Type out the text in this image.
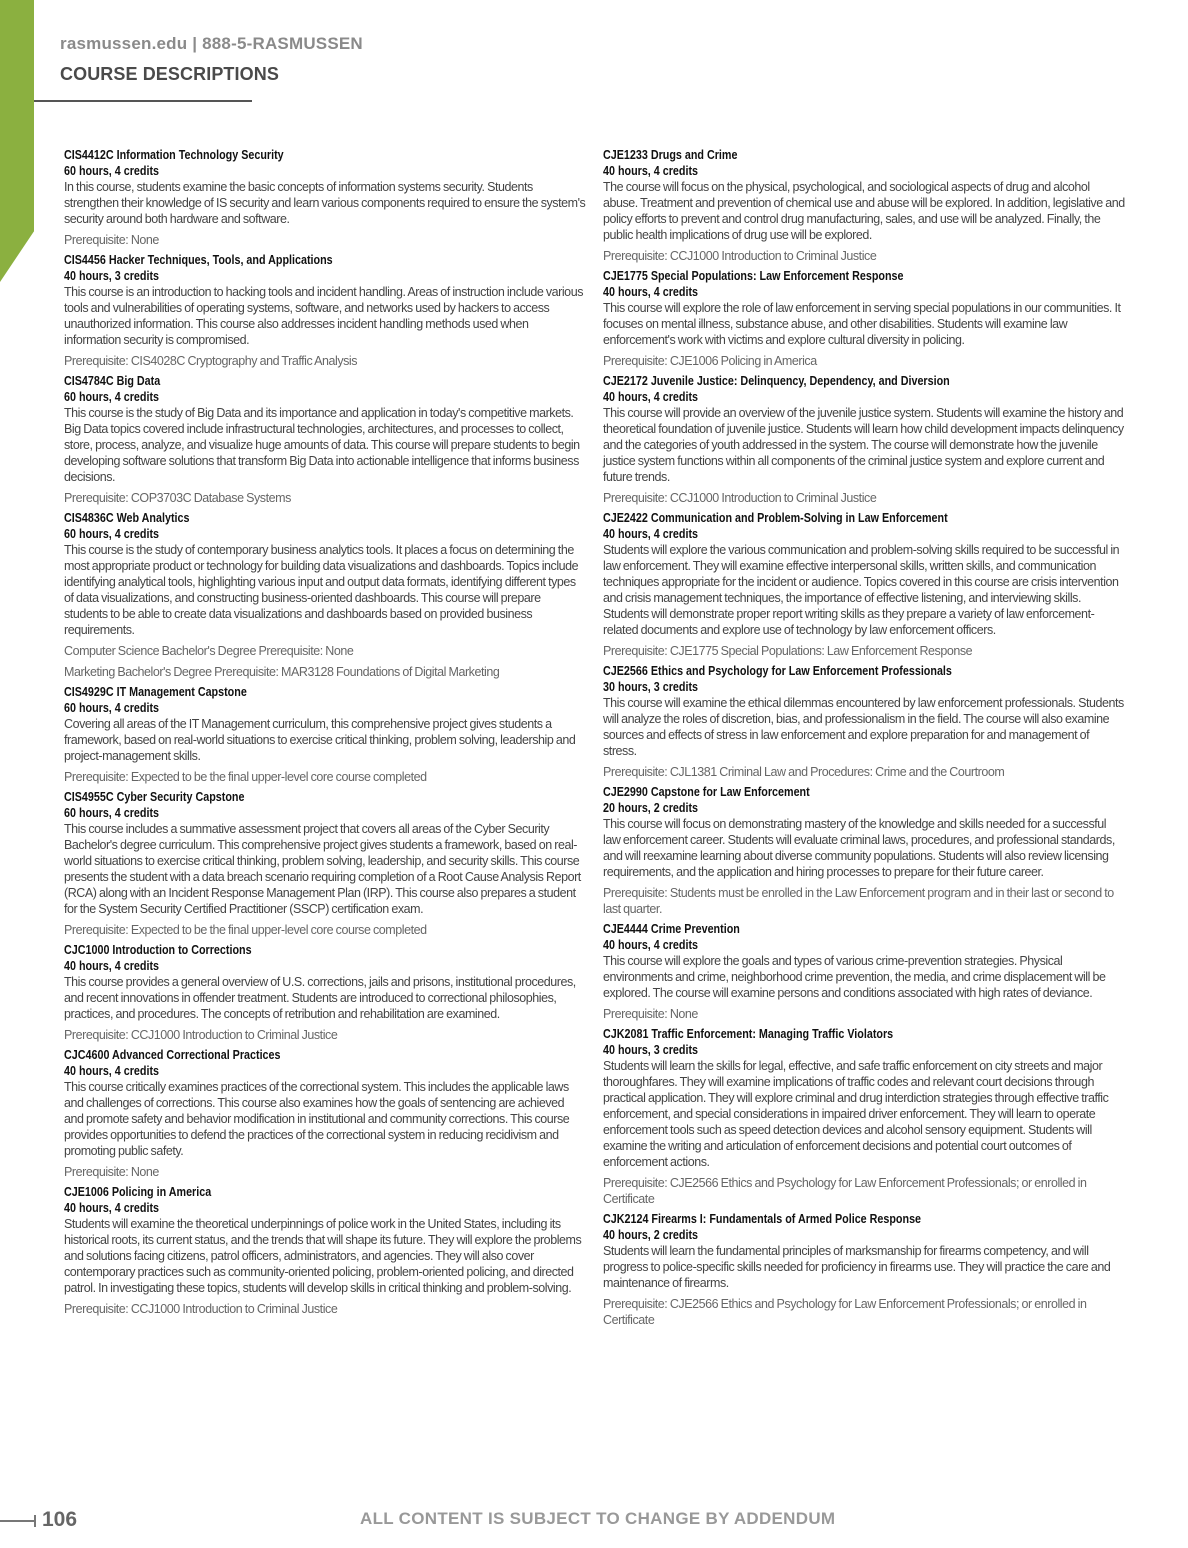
rasmussen.edu | 888-5-RASMUSSEN
COURSE DESCRIPTIONS
CIS4412C Information Technology Security
60 hours, 4 credits
In this course, students examine the basic concepts of information systems security. Students strengthen their knowledge of IS security and learn various components required to ensure the system's security around both hardware and software.
Prerequisite: None
CIS4456 Hacker Techniques, Tools, and Applications
40 hours, 3 credits
This course is an introduction to hacking tools and incident handling. Areas of instruction include various tools and vulnerabilities of operating systems, software, and networks used by hackers to access unauthorized information. This course also addresses incident handling methods used when information security is compromised.
Prerequisite: CIS4028C Cryptography and Traffic Analysis
CIS4784C Big Data
60 hours, 4 credits
This course is the study of Big Data and its importance and application in today's competitive markets. Big Data topics covered include infrastructural technologies, architectures, and processes to collect, store, process, analyze, and visualize huge amounts of data. This course will prepare students to begin developing software solutions that transform Big Data into actionable intelligence that informs business decisions.
Prerequisite: COP3703C Database Systems
CIS4836C Web Analytics
60 hours, 4 credits
This course is the study of contemporary business analytics tools. It places a focus on determining the most appropriate product or technology for building data visualizations and dashboards. Topics include identifying analytical tools, highlighting various input and output data formats, identifying different types of data visualizations, and constructing business-oriented dashboards. This course will prepare students to be able to create data visualizations and dashboards based on provided business requirements.
Computer Science Bachelor's Degree Prerequisite: None
Marketing Bachelor's Degree Prerequisite: MAR3128 Foundations of Digital Marketing
CIS4929C IT Management Capstone
60 hours, 4 credits
Covering all areas of the IT Management curriculum, this comprehensive project gives students a framework, based on real-world situations to exercise critical thinking, problem solving, leadership and project-management skills.
Prerequisite: Expected to be the final upper-level core course completed
CIS4955C Cyber Security Capstone
60 hours, 4 credits
This course includes a summative assessment project that covers all areas of the Cyber Security Bachelor's degree curriculum. This comprehensive project gives students a framework, based on real-world situations to exercise critical thinking, problem solving, leadership, and security skills. This course presents the student with a data breach scenario requiring completion of a Root Cause Analysis Report (RCA) along with an Incident Response Management Plan (IRP). This course also prepares a student for the System Security Certified Practitioner (SSCP) certification exam.
Prerequisite: Expected to be the final upper-level core course completed
CJC1000 Introduction to Corrections
40 hours, 4 credits
This course provides a general overview of U.S. corrections, jails and prisons, institutional procedures, and recent innovations in offender treatment. Students are introduced to correctional philosophies, practices, and procedures. The concepts of retribution and rehabilitation are examined.
Prerequisite: CCJ1000 Introduction to Criminal Justice
CJC4600 Advanced Correctional Practices
40 hours, 4 credits
This course critically examines practices of the correctional system. This includes the applicable laws and challenges of corrections. This course also examines how the goals of sentencing are achieved and promote safety and behavior modification in institutional and community corrections. This course provides opportunities to defend the practices of the correctional system in reducing recidivism and promoting public safety.
Prerequisite: None
CJE1006 Policing in America
40 hours, 4 credits
Students will examine the theoretical underpinnings of police work in the United States, including its historical roots, its current status, and the trends that will shape its future. They will explore the problems and solutions facing citizens, patrol officers, administrators, and agencies. They will also cover contemporary practices such as community-oriented policing, problem-oriented policing, and directed patrol. In investigating these topics, students will develop skills in critical thinking and problem-solving.
Prerequisite: CCJ1000 Introduction to Criminal Justice
CJE1233 Drugs and Crime
40 hours, 4 credits
The course will focus on the physical, psychological, and sociological aspects of drug and alcohol abuse. Treatment and prevention of chemical use and abuse will be explored. In addition, legislative and policy efforts to prevent and control drug manufacturing, sales, and use will be analyzed. Finally, the public health implications of drug use will be explored.
Prerequisite: CCJ1000 Introduction to Criminal Justice
CJE1775 Special Populations: Law Enforcement Response
40 hours, 4 credits
This course will explore the role of law enforcement in serving special populations in our communities. It focuses on mental illness, substance abuse, and other disabilities. Students will examine law enforcement's work with victims and explore cultural diversity in policing.
Prerequisite: CJE1006 Policing in America
CJE2172 Juvenile Justice: Delinquency, Dependency, and Diversion
40 hours, 4 credits
This course will provide an overview of the juvenile justice system. Students will examine the history and theoretical foundation of juvenile justice. Students will learn how child development impacts delinquency and the categories of youth addressed in the system. The course will demonstrate how the juvenile justice system functions within all components of the criminal justice system and explore current and future trends.
Prerequisite: CCJ1000 Introduction to Criminal Justice
CJE2422 Communication and Problem-Solving in Law Enforcement
40 hours, 4 credits
Students will explore the various communication and problem-solving skills required to be successful in law enforcement. They will examine effective interpersonal skills, written skills, and communication techniques appropriate for the incident or audience. Topics covered in this course are crisis intervention and crisis management techniques, the importance of effective listening, and interviewing skills. Students will demonstrate proper report writing skills as they prepare a variety of law enforcement-related documents and explore use of technology by law enforcement officers.
Prerequisite: CJE1775 Special Populations: Law Enforcement Response
CJE2566 Ethics and Psychology for Law Enforcement Professionals
30 hours, 3 credits
This course will examine the ethical dilemmas encountered by law enforcement professionals. Students will analyze the roles of discretion, bias, and professionalism in the field. The course will also examine sources and effects of stress in law enforcement and explore preparation for and management of stress.
Prerequisite: CJL1381 Criminal Law and Procedures: Crime and the Courtroom
CJE2990 Capstone for Law Enforcement
20 hours, 2 credits
This course will focus on demonstrating mastery of the knowledge and skills needed for a successful law enforcement career. Students will evaluate criminal laws, procedures, and professional standards, and will reexamine learning about diverse community populations. Students will also review licensing requirements, and the application and hiring processes to prepare for their future career.
Prerequisite: Students must be enrolled in the Law Enforcement program and in their last or second to last quarter.
CJE4444 Crime Prevention
40 hours, 4 credits
This course will explore the goals and types of various crime-prevention strategies. Physical environments and crime, neighborhood crime prevention, the media, and crime displacement will be explored. The course will examine persons and conditions associated with high rates of deviance.
Prerequisite: None
CJK2081 Traffic Enforcement: Managing Traffic Violators
40 hours, 3 credits
Students will learn the skills for legal, effective, and safe traffic enforcement on city streets and major thoroughfares. They will examine implications of traffic codes and relevant court decisions through practical application. They will explore criminal and drug interdiction strategies through effective traffic enforcement, and special considerations in impaired driver enforcement. They will learn to operate enforcement tools such as speed detection devices and alcohol sensory equipment. Students will examine the writing and articulation of enforcement decisions and potential court outcomes of enforcement actions.
Prerequisite: CJE2566 Ethics and Psychology for Law Enforcement Professionals; or enrolled in Certificate
CJK2124 Firearms I: Fundamentals of Armed Police Response
40 hours, 2 credits
Students will learn the fundamental principles of marksmanship for firearms competency, and will progress to police-specific skills needed for proficiency in firearms use. They will practice the care and maintenance of firearms.
Prerequisite: CJE2566 Ethics and Psychology for Law Enforcement Professionals; or enrolled in Certificate
106	ALL CONTENT IS SUBJECT TO CHANGE BY ADDENDUM
